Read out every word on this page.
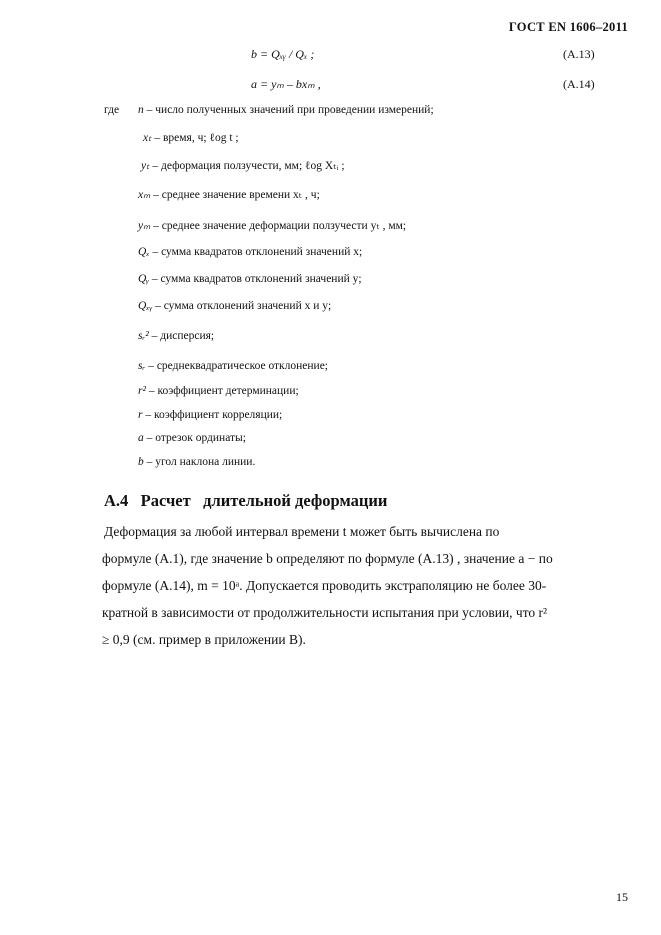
ГОСТ EN 1606–2011
b = Qₓᵧ / Qₓ ;	(A.13)
a = yₘ – bxₘ ,	(A.14)
где n – число полученных значений при проведении измерений;
xₜ – время, ч; ℓog t ;
yₜ – деформация ползучести, мм; ℓog Xₜᵢ ;
xₘ – среднее значение времени xₜ , ч;
yₘ – среднее значение деформации ползучести yₜ , мм;
Qₓ – сумма квадратов отклонений значений x;
Qᵧ – сумма квадратов отклонений значений y;
Qₓᵧ – сумма отклонений значений x и y;
sᵣ² – дисперсия;
sᵣ – среднеквадратическое отклонение;
r² – коэффициент детерминации;
r – коэффициент корреляции;
a – отрезок ординаты;
b – угол наклона линии.
A.4 Расчет   длительной деформации
Деформация за любой интервал времени t может быть вычислена по
формуле (А.1), где значение b определяют по формуле (А.13) , значение a − по
формуле (А.14), m = 10ᵃ. Допускается проводить экстраполяцию не более 30-
кратной в зависимости от продолжительности испытания при условии, что r²
≥ 0,9 (см. пример в приложении В).
15
